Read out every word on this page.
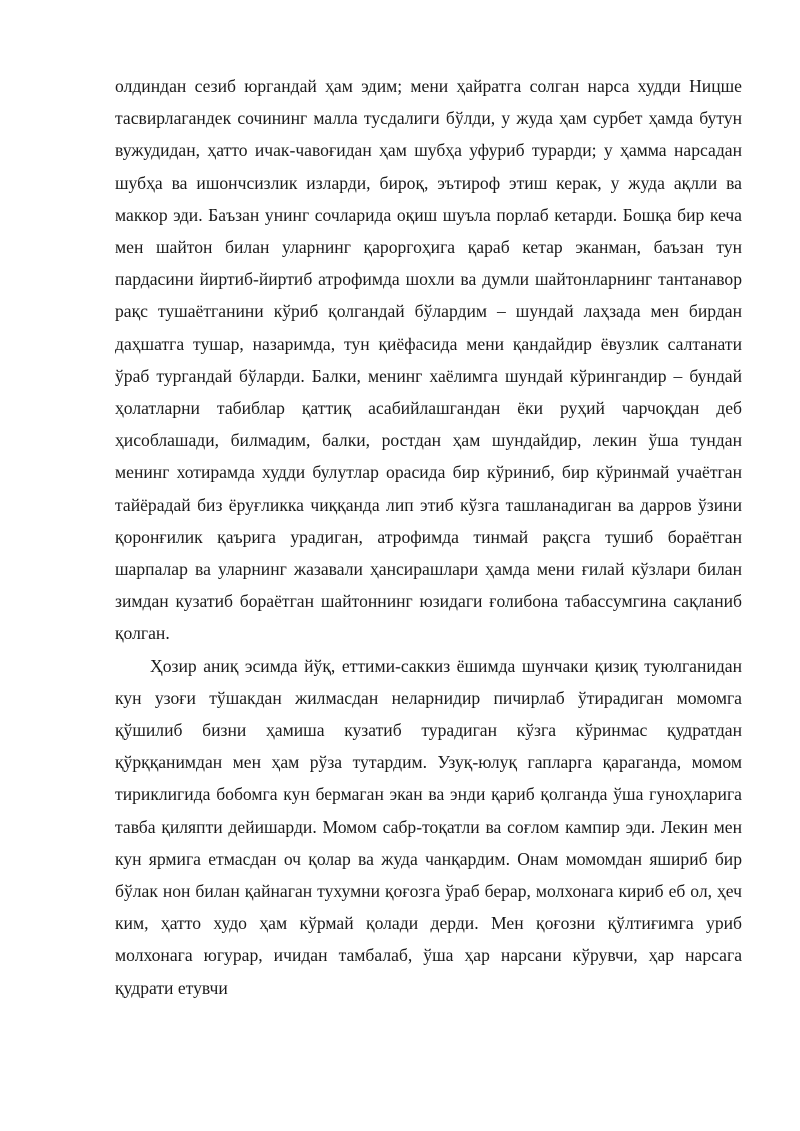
олдиндан сезиб юргандай ҳам эдим; мени ҳайратга солган нарса худди Ницше тасвирлагандек сочининг малла тусдалиги бўлди, у жуда ҳам сурбет ҳамда бутун вужудидан, ҳатто ичак-чавоғидан ҳам шубҳа уфуриб турарди; у ҳамма нарсадан шубҳа ва ишончсизлик изларди, бироқ, эътироф этиш керак, у жуда ақлли ва маккор эди. Баъзан унинг сочларида оқиш шуъла порлаб кетарди. Бошқа бир кеча мен шайтон билан уларнинг қароргоҳига қараб кетар эканман, баъзан тун пардасини йиртиб-йиртиб атрофимда шохли ва думли шайтонларнинг тантанавор рақс тушаётганини кўриб қолгандай бўлардим – шундай лаҳзада мен бирдан даҳшатга тушар, назаримда, тун қиёфасида мени қандайдир ёвузлик салтанати ўраб тургандай бўларди. Балки, менинг хаёлимга шундай кўрингандир – бундай ҳолатларни табиблар қаттиқ асабийлашгандан ёки руҳий чарчоқдан деб ҳисоблашади, билмадим, балки, ростдан ҳам шундайдир, лекин ўша тундан менинг хотирамда худди булутлар орасида бир кўриниб, бир кўринмай учаётган тайёрадай биз ёруғликка чиққанда лип этиб кўзга ташланадиган ва дарров ўзини қоронғилик қаърига урадиган, атрофимда тинмай рақсга тушиб бораётган шарпалар ва уларнинг жазавали ҳансирашлари ҳамда мени ғилай кўзлари билан зимдан кузатиб бораётган шайтоннинг юзидаги ғолибона табассумгина сақланиб қолган.

Ҳозир аниқ эсимда йўқ, еттими-саккиз ёшимда шунчаки қизиқ туюлганидан кун узоғи тўшакдан жилмасдан неларнидир пичирлаб ўтирадиган момомга қўшилиб бизни ҳамиша кузатиб турадиган кўзга кўринмас қудратдан қўрққанимдан мен ҳам рўза тутардим. Узуқ-юлуқ гапларга қараганда, момом тириклигида бобомга кун бермаган экан ва энди қариб қолганда ўша гуноҳларига тавба қиляпти дейишарди. Момом сабр-тоқатли ва соғлом кампир эди. Лекин мен кун ярмига етмасдан оч қолар ва жуда чанқардим. Онам момомдан яшириб бир бўлак нон билан қайнаган тухумни қоғозга ўраб берар, молхонага кириб еб ол, ҳеч ким, ҳатто худо ҳам кўрмай қолади дерди. Мен қоғозни қўлтиғимга уриб молхонага югурар, ичидан тамбалаб, ўша ҳар нарсани кўрувчи, ҳар нарсага қудрати етувчи
